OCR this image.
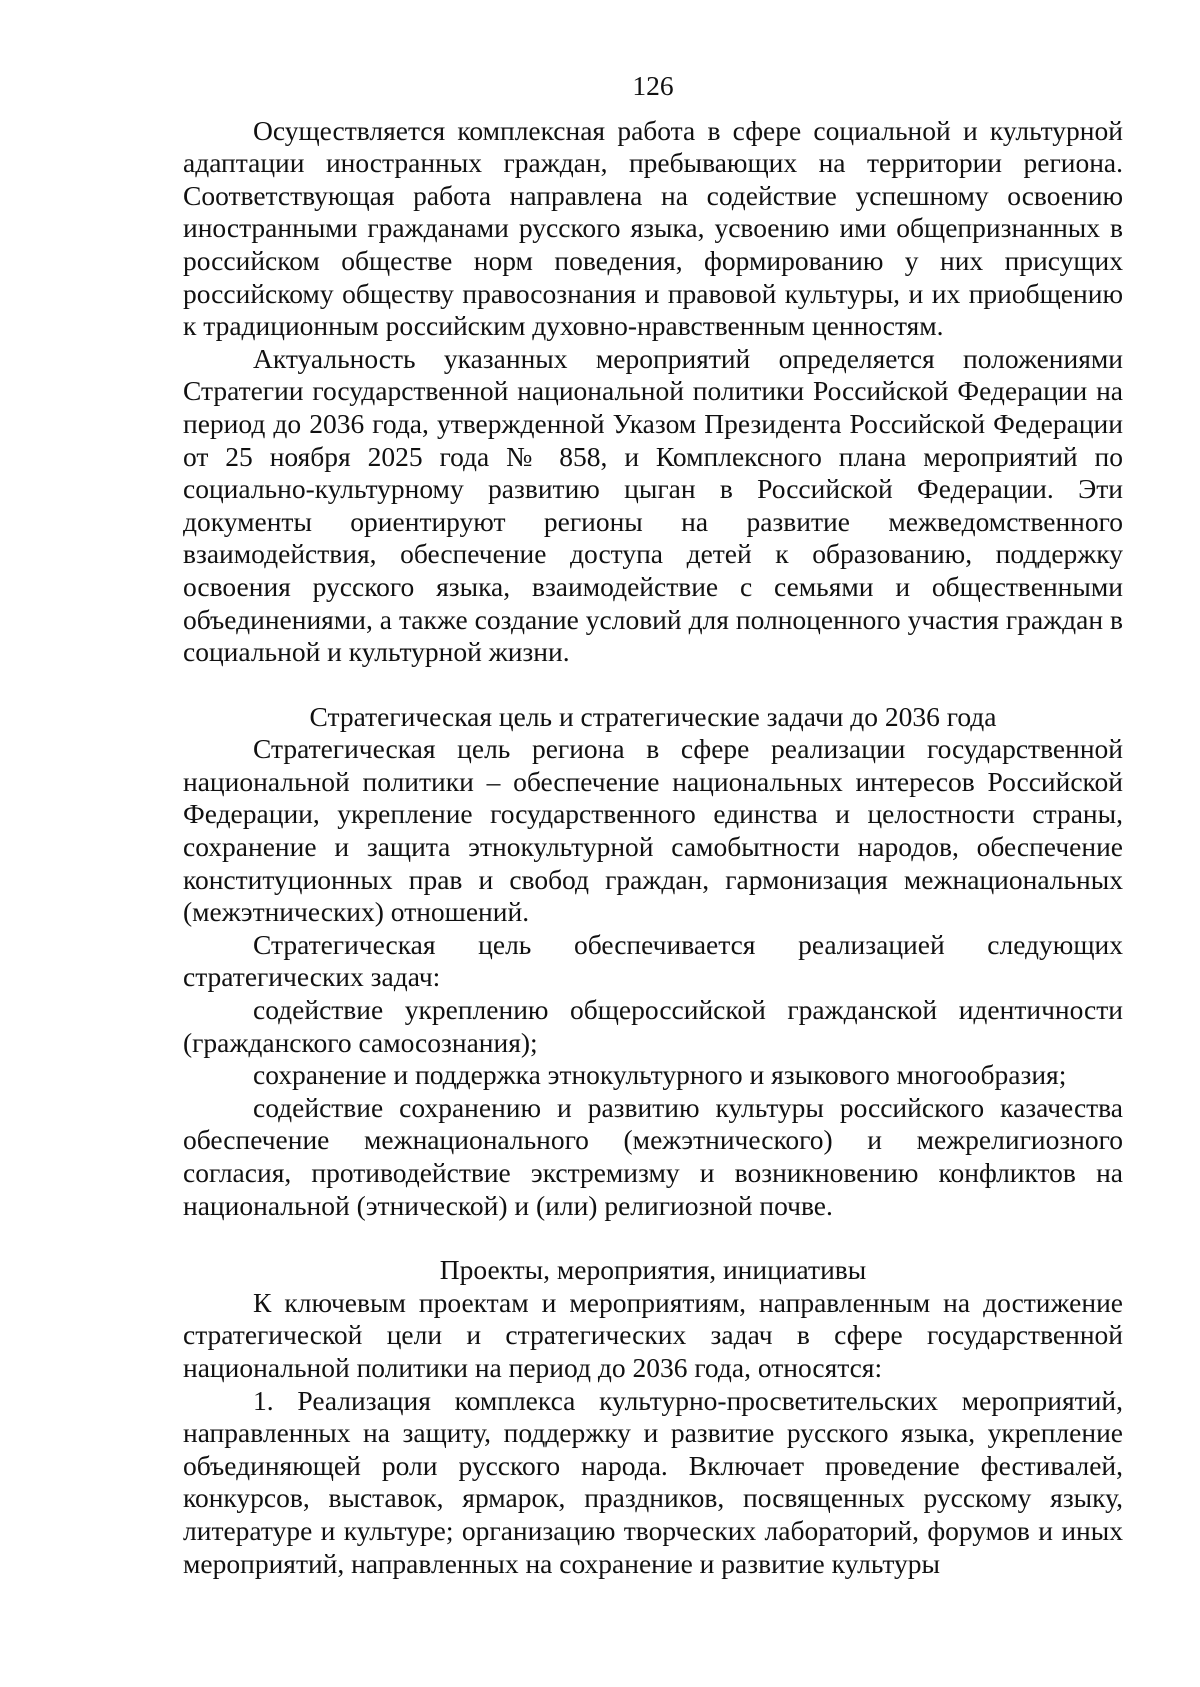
126

Осуществляется комплексная работа в сфере социальной и культурной адаптации иностранных граждан, пребывающих на территории региона. Соответствующая работа направлена на содействие успешному освоению иностранными гражданами русского языка, усвоению ими общепризнанных в российском обществе норм поведения, формированию у них присущих российскому обществу правосознания и правовой культуры, и их приобщению к традиционным российским духовно-нравственным ценностям.

Актуальность указанных мероприятий определяется положениями Стратегии государственной национальной политики Российской Федерации на период до 2036 года, утвержденной Указом Президента Российской Федерации от 25 ноября 2025 года № 858, и Комплексного плана мероприятий по социально-культурному развитию цыган в Российской Федерации. Эти документы ориентируют регионы на развитие межведомственного взаимодействия, обеспечение доступа детей к образованию, поддержку освоения русского языка, взаимодействие с семьями и общественными объединениями, а также создание условий для полноценного участия граждан в социальной и культурной жизни.

Стратегическая цель и стратегические задачи до 2036 года

Стратегическая цель региона в сфере реализации государственной национальной политики – обеспечение национальных интересов Российской Федерации, укрепление государственного единства и целостности страны, сохранение и защита этнокультурной самобытности народов, обеспечение конституционных прав и свобод граждан, гармонизация межнациональных (межэтнических) отношений.

Стратегическая цель обеспечивается реализацией следующих стратегических задач:

содействие укреплению общероссийской гражданской идентичности (гражданского самосознания);

сохранение и поддержка этнокультурного и языкового многообразия;

содействие сохранению и развитию культуры российского казачества обеспечение межнационального (межэтнического) и межрелигиозного согласия, противодействие экстремизму и возникновению конфликтов на национальной (этнической) и (или) религиозной почве.

Проекты, мероприятия, инициативы

К ключевым проектам и мероприятиям, направленным на достижение стратегической цели и стратегических задач в сфере государственной национальной политики на период до 2036 года, относятся:

1. Реализация комплекса культурно-просветительских мероприятий, направленных на защиту, поддержку и развитие русского языка, укрепление объединяющей роли русского народа. Включает проведение фестивалей, конкурсов, выставок, ярмарок, праздников, посвященных русскому языку, литературе и культуре; организацию творческих лабораторий, форумов и иных мероприятий, направленных на сохранение и развитие культуры
